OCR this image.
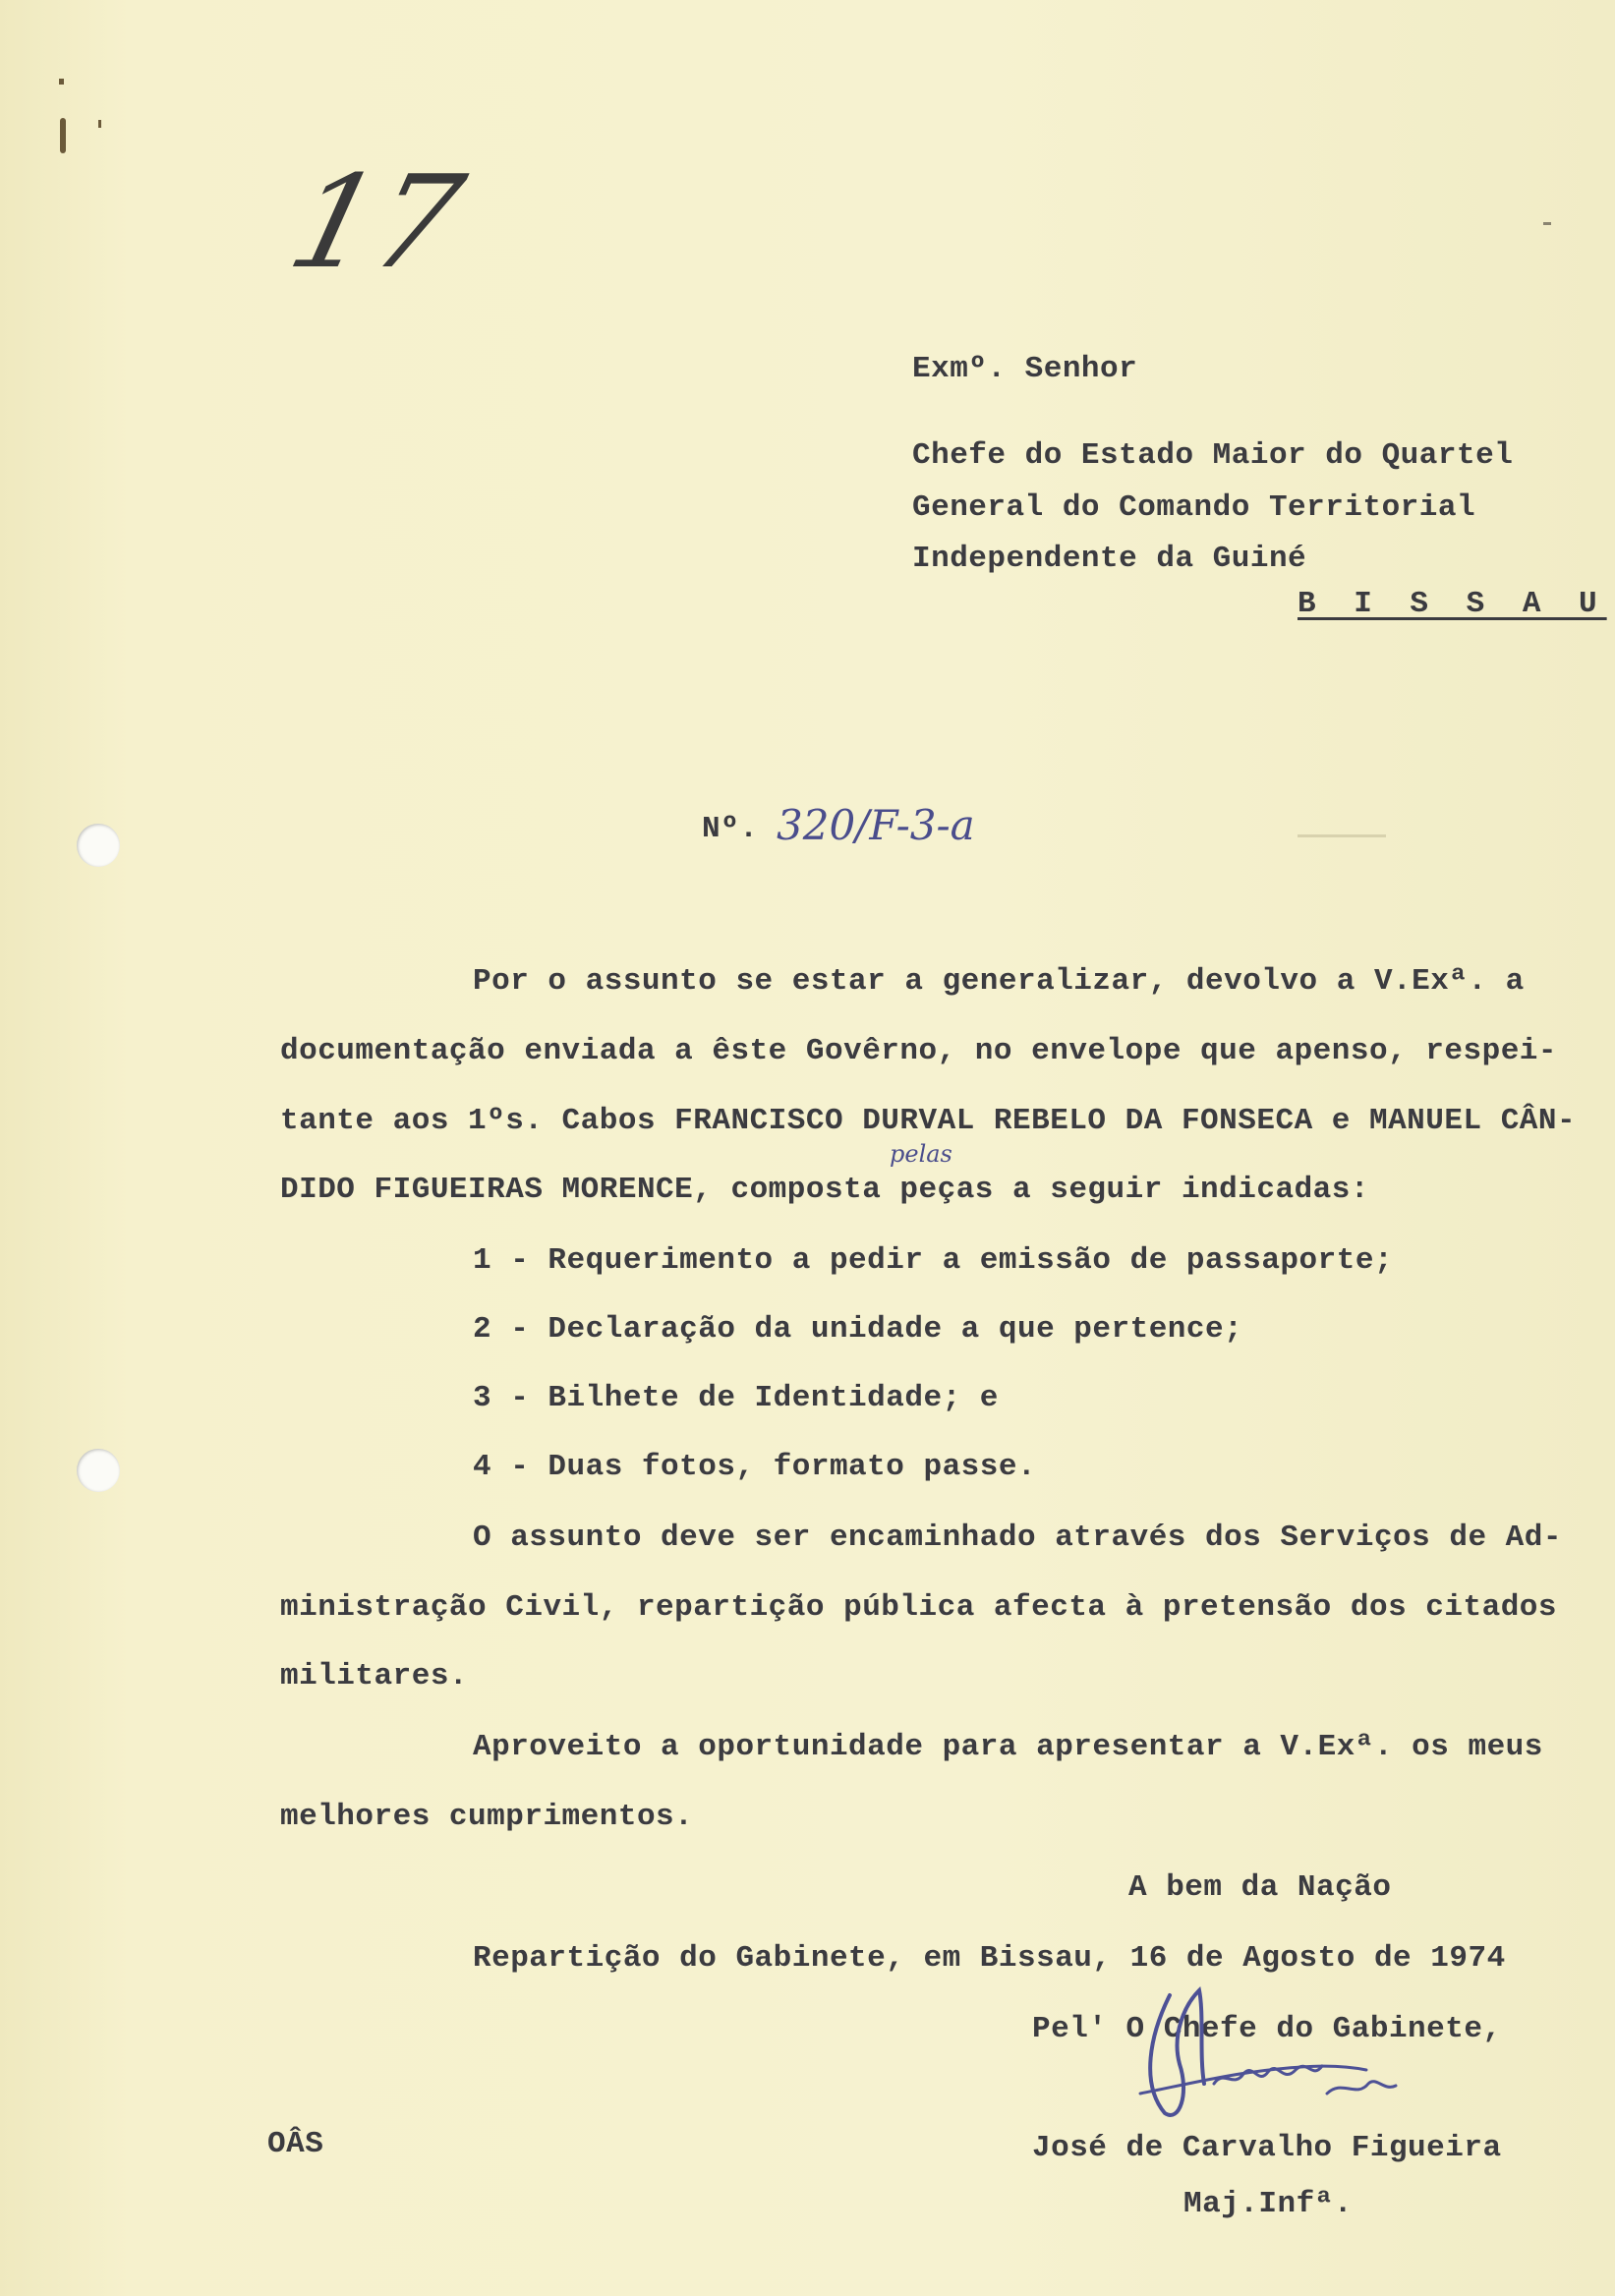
17
Exmº. Senhor
Chefe do Estado Maior do Quartel
General do Comando Territorial
Independente da Guiné
B I S S A U
Nº. 320/F-3-a
Por o assunto se estar a generalizar, devolvo a V.Exª. a
documentação enviada a êste Govêrno, no envelope que apenso, respei-
tante aos 1ºs. Cabos FRANCISCO DURVAL REBELO DA FONSECA e MANUEL CÂN-
pelas
DIDO FIGUEIRAS MORENCE, composta peças a seguir indicadas:
1 - Requerimento a pedir a emissão de passaporte;
2 - Declaração da unidade a que pertence;
3 - Bilhete de Identidade; e
4 - Duas fotos, formato passe.
O assunto deve ser encaminhado através dos Serviços de Ad-
ministração Civil, repartição pública afecta à pretensão dos citados
militares.
Aproveito a oportunidade para apresentar a V.Exª. os meus
melhores cumprimentos.
A bem da Nação
Repartição do Gabinete, em Bissau, 16 de Agosto de 1974
Pel' O Chefe do Gabinete,
José de Carvalho Figueira
Maj.Infª.
OÂS
